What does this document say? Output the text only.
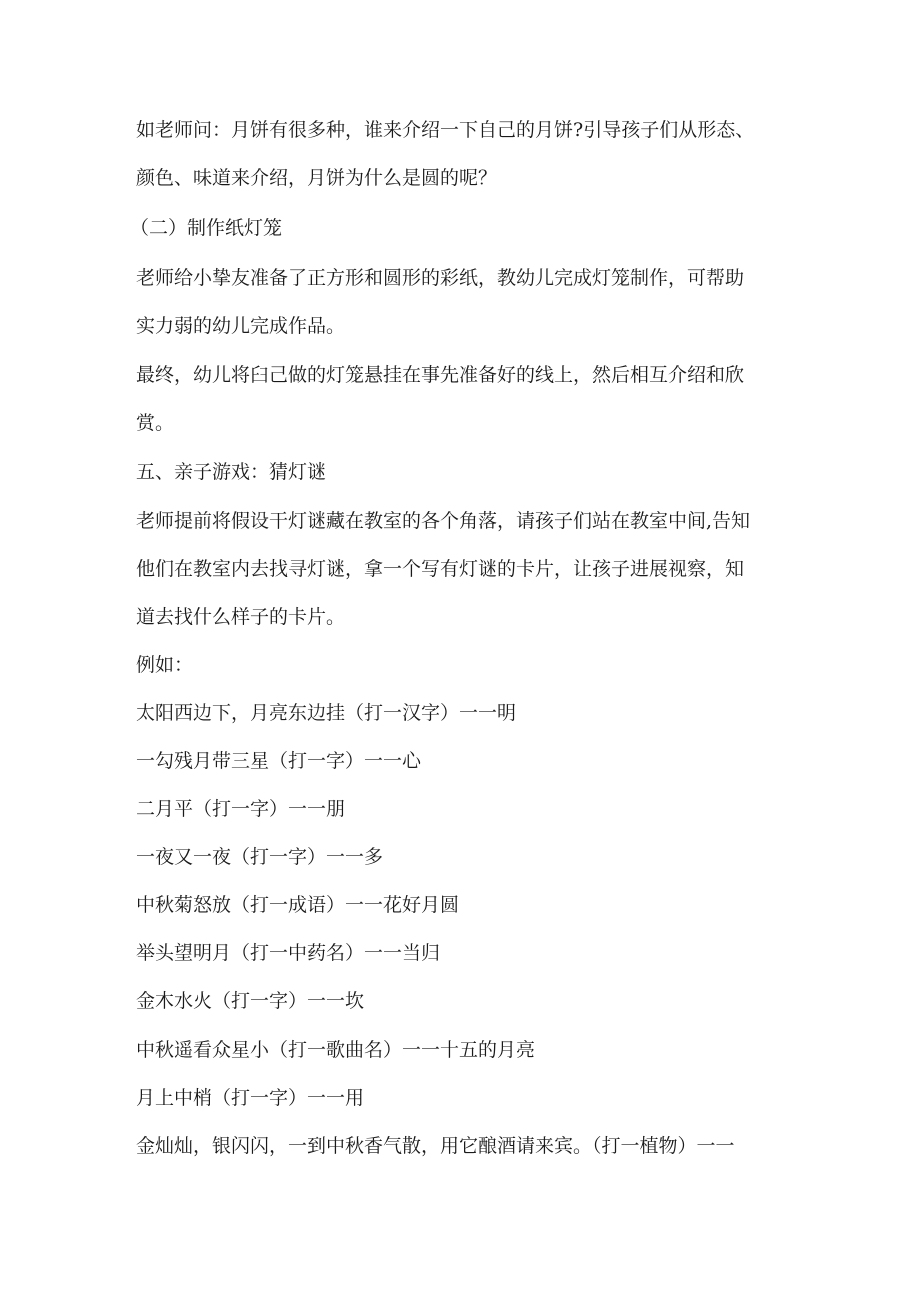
如老师问：月饼有很多种，谁来介绍一下自己的月饼?引导孩子们从形态、

颜色、味道来介绍，月饼为什么是圆的呢？

（二）制作纸灯笼

老师给小挚友准备了正方形和圆形的彩纸，教幼儿完成灯笼制作，可帮助

实力弱的幼儿完成作品。

最终，幼儿将臼己做的灯笼悬挂在事先准备好的线上，然后相互介绍和欣

赏。

五、亲子游戏：猜灯谜

老师提前将假设干灯谜藏在教室的各个角落，请孩子们站在教室中间,告知

他们在教室内去找寻灯谜，拿一个写有灯谜的卡片，让孩子进展视察，知

道去找什么样子的卡片。

例如：

太阳西边下，月亮东边挂（打一汉字）一一明

一勾残月带三星（打一字）一一心

二月平（打一字）一一朋

一夜又一夜（打一字）一一多

中秋菊怒放（打一成语）一一花好月圆

举头望明月（打一中药名）一一当归

金木水火（打一字）一一坎

中秋遥看众星小（打一歌曲名）一一十五的月亮

月上中梢（打一字）一一用

金灿灿，银闪闪，一到中秋香气散，用它酿酒请来宾。（打一植物）一一
